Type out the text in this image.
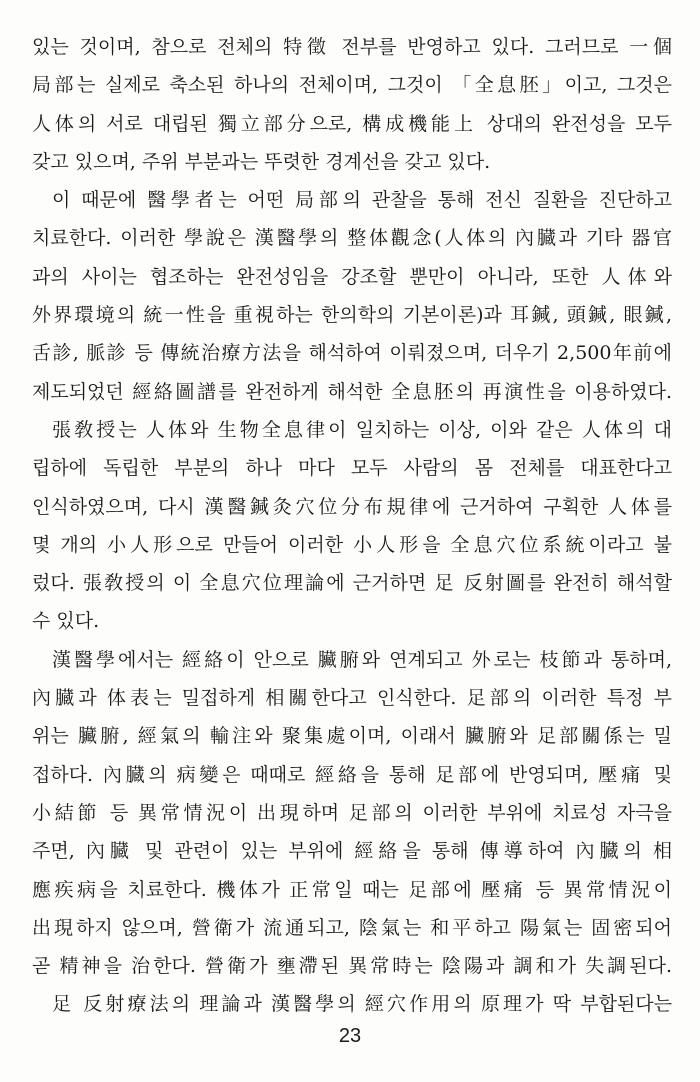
있는 것이며, 참으로 전체의 特徵 전부를 반영하고 있다. 그러므로 一個
局部는 실제로 축소된 하나의 전체이며, 그것이 「全息胚」이고, 그것은
人体의 서로 대립된 獨立部分으로, 構成機能上 상대의 완전성을 모두
갖고 있으며, 주위 부분과는 뚜렷한 경계선을 갖고 있다.
이 때문에 醫學者는 어떤 局部의 관찰을 통해 전신 질환을 진단하고
치료한다. 이러한 學說은 漢醫學의 整体觀念(人体의 內臓과 기타 器官
과의 사이는 협조하는 완전성임을 강조할 뿐만이 아니라, 또한 人体와
外界環境의 統一性을 重視하는 한의학의 기본이론)과 耳鍼, 頭鍼, 眼鍼,
舌診, 脈診 등 傳統治療方法을 해석하여 이뤄졌으며, 더우기 2,500年前에
제도되었던 經絡圖譜를 완전하게 해석한 全息胚의 再演性을 이용하였다.
張敎授는 人体와 生物全息律이 일치하는 이상, 이와 같은 人体의 대
립하에 독립한 부분의 하나 마다 모두 사람의 몸 전체를 대표한다고
인식하였으며, 다시 漢醫鍼灸穴位分布規律에 근거하여 구획한 人体를
몇 개의 小人形으로 만들어 이러한 小人形을 全息穴位系統이라고 불
렀다. 張敎授의 이 全息穴位理論에 근거하면 足 反射圖를 완전히 해석할
수 있다.
漢醫學에서는 經絡이 안으로 臟腑와 연계되고 外로는 枝節과 통하며,
內臓과 体表는 밀접하게 相關한다고 인식한다. 足部의 이러한 특정 부
위는 臟腑, 經氣의 輸注와 聚集處이며, 이래서 臟腑와 足部關係는 밀
접하다. 內臓의 病變은 때때로 經絡을 통해 足部에 반영되며, 壓痛 및
小結節 등 異常情況이 出現하며 足部의 이러한 부위에 치료성 자극을
주면, 內臓 및 관련이 있는 부위에 經絡을 통해 傳導하여 內臓의 相
應疾病을 치료한다. 機体가 正常일 때는 足部에 壓痛 등 異常情況이
出現하지 않으며, 營衛가 流通되고, 陰氣는 和平하고 陽氣는 固密되어
곧 精神을 治한다. 營衛가 壅滯된 異常時는 陰陽과 調和가 失調된다.
足 反射療法의 理論과 漢醫學의 經穴作用의 原理가 딱 부합된다는
23
